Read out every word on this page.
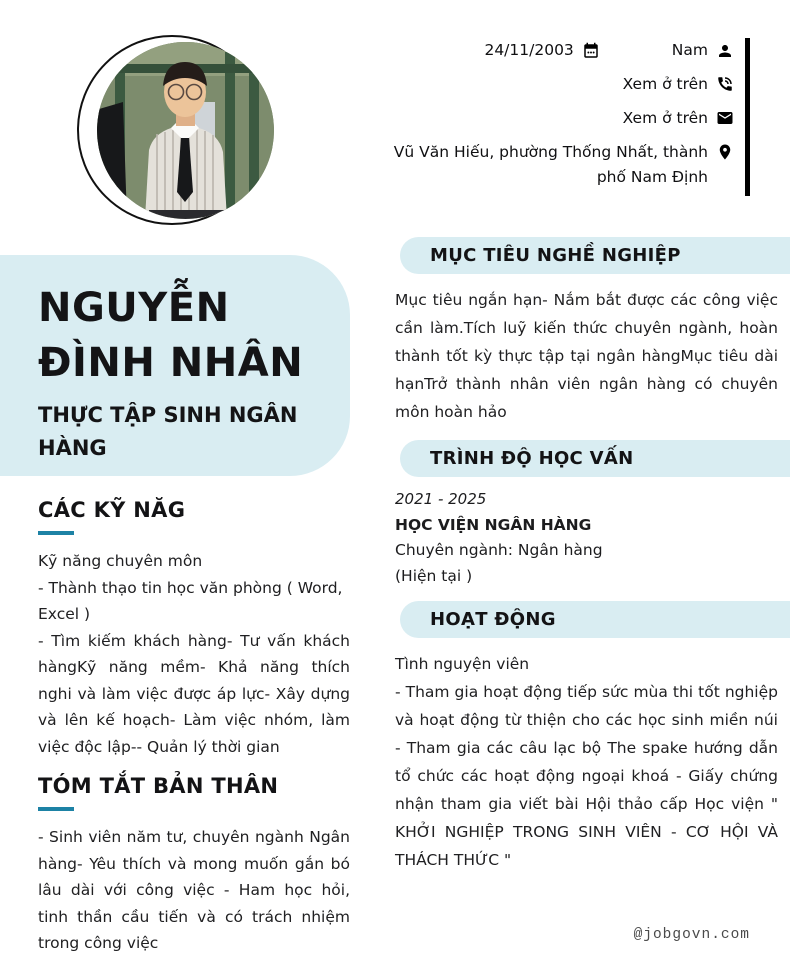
24/11/2003	Nam
Xem ở trên
Xem ở trên
Vũ Văn Hiếu, phường Thống Nhất, thành phố Nam Định
NGUYỄN
ĐÌNH NHÂN
THỰC TẬP SINH NGÂN HÀNG
CÁC KỸ NĂG
Kỹ năng chuyên môn
- Thành thạo tin học văn phòng ( Word, Excel )
- Tìm kiếm khách hàng- Tư vấn khách hàngKỹ năng mềm- Khả năng thích nghi và làm việc được áp lực- Xây dựng và lên kế hoạch- Làm việc nhóm, làm việc độc lập-- Quản lý thời gian
TÓM TẮT BẢN THÂN
- Sinh viên năm tư, chuyên ngành Ngân hàng- Yêu thích và mong muốn gắn bó lâu dài với công việc - Ham học hỏi, tinh thần cầu tiến và có trách nhiệm trong công việc
MỤC TIÊU NGHỀ NGHIỆP
Mục tiêu ngắn hạn- Nắm bắt được các công việc cần làm.Tích luỹ kiến thức chuyên ngành, hoàn thành tốt kỳ thực tập tại ngân hàngMục tiêu dài hạnTrở thành nhân viên ngân hàng có chuyên môn hoàn hảo
TRÌNH ĐỘ HỌC VẤN
2021 - 2025
HỌC VIỆN NGÂN HÀNG
Chuyên ngành: Ngân hàng
(Hiện tại )
HOẠT ĐỘNG
Tình nguyện viên
- Tham gia hoạt động tiếp sức mùa thi tốt nghiệp và hoạt động từ thiện cho các học sinh miền núi - Tham gia các câu lạc bộ The spake hướng dẫn tổ chức các hoạt động ngoại khoá - Giấy chứng nhận tham gia viết bài Hội thảo cấp Học viện " KHỞI NGHIỆP TRONG SINH VIÊN - CƠ HỘI VÀ THÁCH THỨC "
@jobgovn.com
